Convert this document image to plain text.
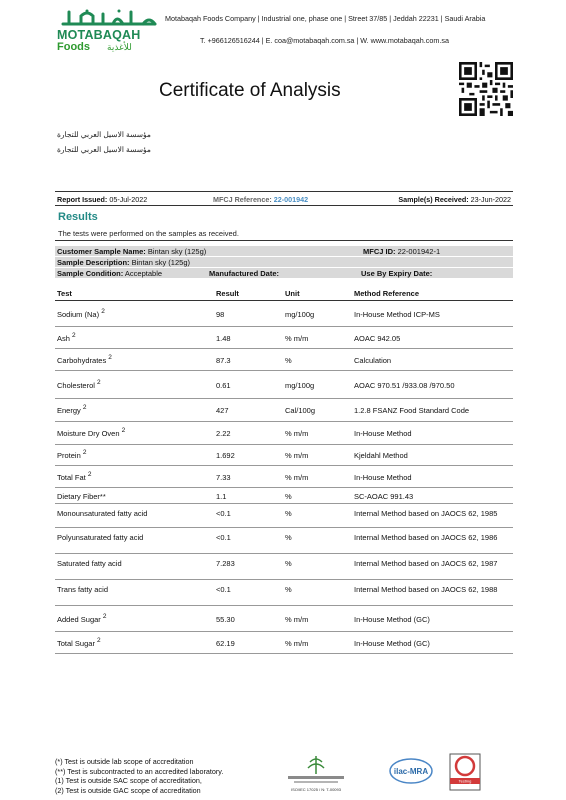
MOTABAQAH
Foods للأغذية
Motabaqah Foods Company | Industrial one, phase one | Street 37/85 | Jeddah 22231 | Saudi Arabia
T. +966126516244 | E. coa@motabaqah.com.sa | W. www.motabaqah.com.sa
Certificate of Analysis
مؤسسة الاسيل العربي للتجارة
مؤسسة الاسيل العربي للتجارة
Report Issued: 05-Jul-2022	MFCJ Reference: 22-001942	Sample(s) Received: 23-Jun-2022
Results
The tests were performed on the samples as received.
Customer Sample Name: Bintan sky (125g)	MFCJ ID: 22-001942-1
Sample Description: Bintan sky (125g)
Sample Condition: Acceptable	Manufactured Date:	Use By Expiry Date:
Test	Result	Unit	Method Reference
Sodium (Na) $^2$	98	mg/100g	In-House Method ICP-MS
Ash $^2$	1.48	% m/m	AOAC 942.05
Carbohydrates $^2$	87.3	%	Calculation
Cholesterol $^2$	0.61	mg/100g	AOAC 970.51 /933.08 /970.50
Energy $^2$	427	Cal/100g	1.2.8 FSANZ Food Standard Code
Moisture Dry Oven $^2$	2.22	% m/m	In-House Method
Protein $^2$	1.692	% m/m	Kjeldahl Method
Total Fat $^2$	7.33	% m/m	In-House Method
Dietary Fiber**	1.1	%	SC-AOAC 991.43
Monounsaturated fatty acid	<0.1	%	Internal Method based on JAOCS 62, 1985
Polyunsaturated fatty acid	<0.1	%	Internal Method based on JAOCS 62, 1986
Saturated fatty acid	7.283	%	Internal Method based on JAOCS 62, 1987
Trans fatty acid	<0.1	%	Internal Method based on JAOCS 62, 1988
Added Sugar $^2$	55.30	% m/m	In-House Method (GC)
Total Sugar $^2$	62.19	% m/m	In-House Method (GC)
(*) Test is outside lab scope of accreditation
(**) Test is subcontracted to an accredited laboratory.
(1) Test is outside SAC scope of accreditation,
(2) Test is outside GAC scope of accreditation	ISO/IEC 17025 / N: T-00093
ilac-MRA
Testing
